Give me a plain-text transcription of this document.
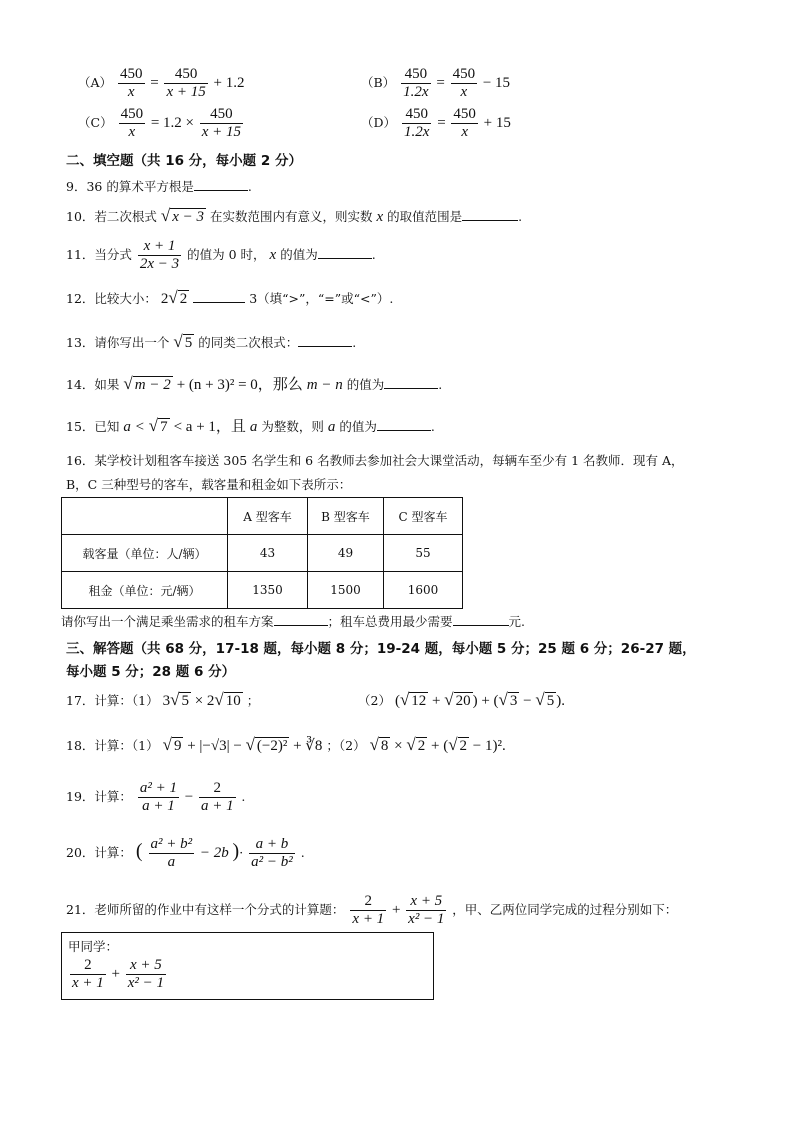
$(A) \frac{450}{x} = \frac{450}{x + 15} + 1.2$	$(B) \frac{450}{1.2x} = \frac{450}{x} - 15$
$(C) \frac{450}{x} = 1.2 \times \frac{450}{x + 15}$	$(D) \frac{450}{1.2x} = \frac{450}{x} + 15$
二、填空题（共 16 分，每小题 2 分）
9．36 的算术平方根是	.
10．若二次根式 √ x − 3 在实数范围内有意义，则实数 x 的取值范围是	.
11．当分式 $\frac{x + 1}{2x - 3}$ 的值为 0 时， x 的值为	.
12．比较大小： 2√ 2	3（填“>”，“=”或“<”）.
13．请你写出一个 √ 5 的同类二次根式：	.
14．如果 √ m − 2 + (n + 3)² = 0，那么 m − n 的值为	.
15．已知 a < √ 7 < a + 1，且 a 为整数，则 a 的值为	.
16．某学校计划租客车接送 305 名学生和 6 名教师去参加社会大课堂活动，每辆车至少有 1 名教师．现有 A，
B，C 三种型号的客车，载客量和租金如下表所示：
	A 型客车	B 型客车	C 型客车
载客量（单位：人/辆）	43	49	55
租金（单位：元/辆）	1350	1500	1600
请你写出一个满足乘坐需求的租车方案	；租车总费用最少需要	元.
三、解答题（共 68 分，17-18 题，每小题 8 分；19-24 题，每小题 5 分；25 题 6 分；26-27 题，
每小题 5 分；28 题 6 分）
17．计算：（1） 3√ 5 × 2√ 10 ；	（2） (√ 12 + √ 20 ) + (√ 3 − √ 5 ).
18．计算：（1） √ 9 + |−√3| − √ (−2)² + ∛8 ；（2） √ 8 × √ 2 + (√ 2 − 1)².
19．计算： $\frac{\text{a² + 1}}{a + 1} - \frac{2}{a + 1}$ .
20．计算： ( $\frac{\text{a² + b²}}{a} - 2b$ )· $\frac{a + b}{\text{a² − b²}}$ .
21．老师所留的作业中有这样一个分式的计算题： $\frac{2}{x + 1} + \frac{x + 5}{\text{x² − 1}}$ ，甲、乙两位同学完成的过程分别如下：
甲同学：
$\frac{2}{x + 1} + \frac{x + 5}{\text{x² − 1}}$
